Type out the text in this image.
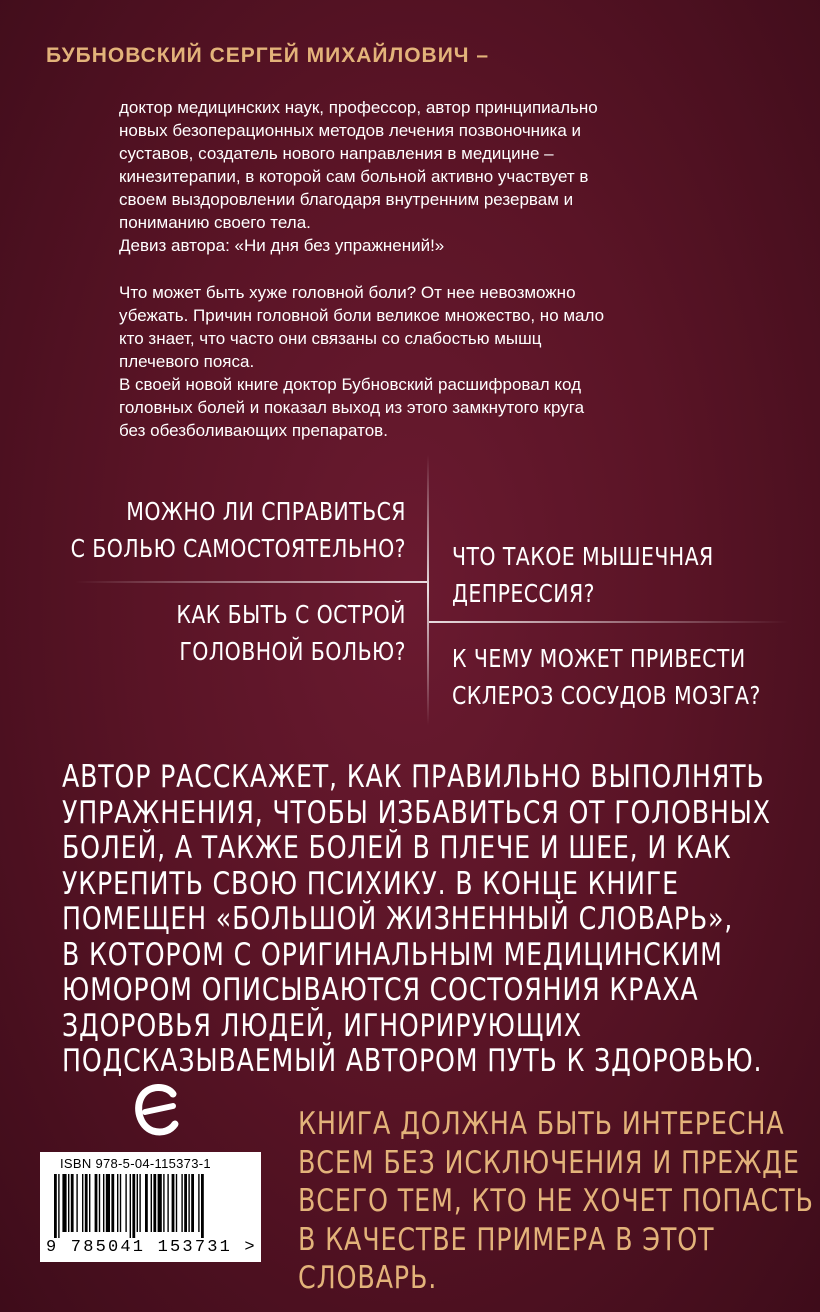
БУБНОВСКИЙ СЕРГЕЙ МИХАЙЛОВИЧ –
доктор медицинских наук, профессор, автор принципиально
новых безоперационных методов лечения позвоночника и
суставов, создатель нового направления в медицине –
кинезитерапии, в которой сам больной активно участвует в
своем выздоровлении благодаря внутренним резервам и
пониманию своего тела.
Девиз автора: «Ни дня без упражнений!»
Что может быть хуже головной боли? От нее невозможно
убежать. Причин головной боли великое множество, но мало
кто знает, что часто они связаны со слабостью мышц
плечевого пояса.
В своей новой книге доктор Бубновский расшифровал код
головных болей и показал выход из этого замкнутого круга
без обезболивающих препаратов.
МОЖНО ЛИ СПРАВИТЬСЯ
С БОЛЬЮ САМОСТОЯТЕЛЬНО?
КАК БЫТЬ С ОСТРОЙ
ГОЛОВНОЙ БОЛЬЮ?
ЧТО ТАКОЕ МЫШЕЧНАЯ
ДЕПРЕССИЯ?
К ЧЕМУ МОЖЕТ ПРИВЕСТИ
СКЛЕРОЗ СОСУДОВ МОЗГА?
АВТОР РАССКАЖЕТ, КАК ПРАВИЛЬНО ВЫПОЛНЯТЬ
УПРАЖНЕНИЯ, ЧТОБЫ ИЗБАВИТЬСЯ ОТ ГОЛОВНЫХ
БОЛЕЙ, А ТАКЖЕ БОЛЕЙ В ПЛЕЧЕ И ШЕЕ, И КАК
УКРЕПИТЬ СВОЮ ПСИХИКУ. В КОНЦЕ КНИГЕ
ПОМЕЩЕН «БОЛЬШОЙ ЖИЗНЕННЫЙ СЛОВАРЬ»,
В КОТОРОМ С ОРИГИНАЛЬНЫМ МЕДИЦИНСКИМ
ЮМОРОМ ОПИСЫВАЮТСЯ СОСТОЯНИЯ КРАХА
ЗДОРОВЬЯ ЛЮДЕЙ, ИГНОРИРУЮЩИХ
ПОДСКАЗЫВАЕМЫЙ АВТОРОМ ПУТЬ К ЗДОРОВЬЮ.
ISBN 978-5-04-115373-1
9 785041 153731 >
КНИГА ДОЛЖНА БЫТЬ ИНТЕРЕСНА
ВСЕМ БЕЗ ИСКЛЮЧЕНИЯ И ПРЕЖДЕ
ВСЕГО ТЕМ, КТО НЕ ХОЧЕТ ПОПАСТЬ
В КАЧЕСТВЕ ПРИМЕРА В ЭТОТ
СЛОВАРЬ.
